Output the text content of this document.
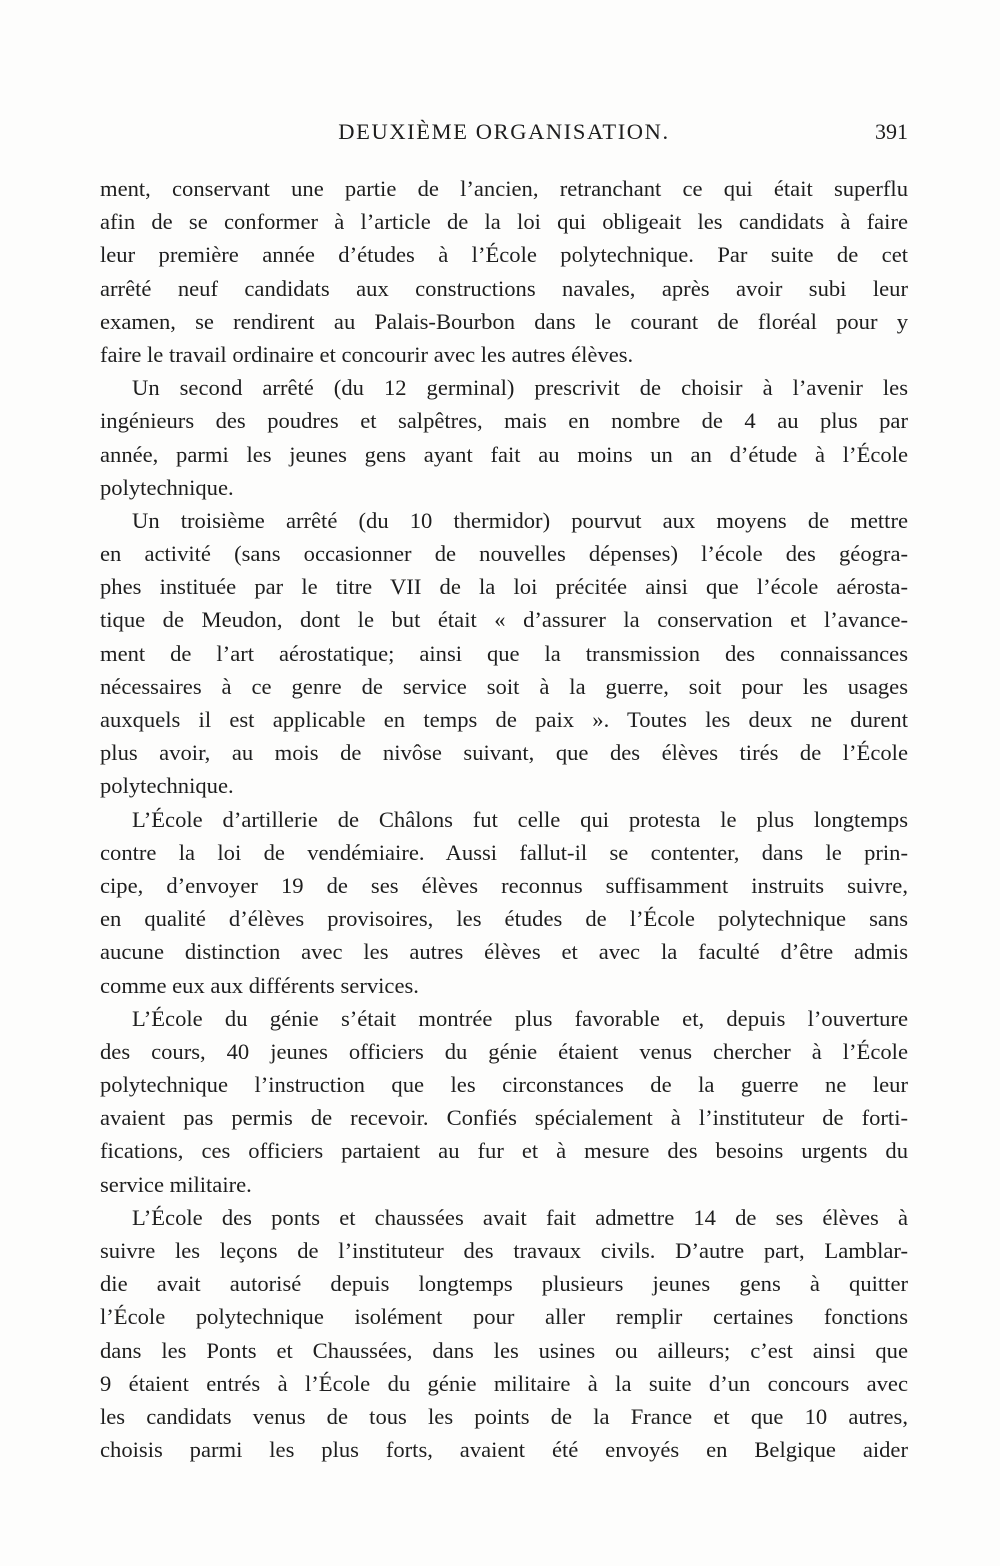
DEUXIÈME ORGANISATION.	391
ment, conservant une partie de l’ancien, retranchant ce qui était superflu
afin de se conformer à l’article de la loi qui obligeait les candidats à faire
leur première année d’études à l’École polytechnique. Par suite de cet
arrêté neuf candidats aux constructions navales, après avoir subi leur
examen, se rendirent au Palais-Bourbon dans le courant de floréal pour y
faire le travail ordinaire et concourir avec les autres élèves.
Un second arrêté (du 12 germinal) prescrivit de choisir à l’avenir les
ingénieurs des poudres et salpêtres, mais en nombre de 4 au plus par
année, parmi les jeunes gens ayant fait au moins un an d’étude à l’École
polytechnique.
Un troisième arrêté (du 10 thermidor) pourvut aux moyens de mettre
en activité (sans occasionner de nouvelles dépenses) l’école des géogra-
phes instituée par le titre VII de la loi précitée ainsi que l’école aérosta-
tique de Meudon, dont le but était « d’assurer la conservation et l’avance-
ment de l’art aérostatique; ainsi que la transmission des connaissances
nécessaires à ce genre de service soit à la guerre, soit pour les usages
auxquels il est applicable en temps de paix ». Toutes les deux ne durent
plus avoir, au mois de nivôse suivant, que des élèves tirés de l’École
polytechnique.
L’École d’artillerie de Châlons fut celle qui protesta le plus longtemps
contre la loi de vendémiaire. Aussi fallut-il se contenter, dans le prin-
cipe, d’envoyer 19 de ses élèves reconnus suffisamment instruits suivre,
en qualité d’élèves provisoires, les études de l’École polytechnique sans
aucune distinction avec les autres élèves et avec la faculté d’être admis
comme eux aux différents services.
L’École du génie s’était montrée plus favorable et, depuis l’ouverture
des cours, 40 jeunes officiers du génie étaient venus chercher à l’École
polytechnique l’instruction que les circonstances de la guerre ne leur
avaient pas permis de recevoir. Confiés spécialement à l’instituteur de forti-
fications, ces officiers partaient au fur et à mesure des besoins urgents du
service militaire.
L’École des ponts et chaussées avait fait admettre 14 de ses élèves à
suivre les leçons de l’instituteur des travaux civils. D’autre part, Lamblar-
die avait autorisé depuis longtemps plusieurs jeunes gens à quitter
l’École polytechnique isolément pour aller remplir certaines fonctions
dans les Ponts et Chaussées, dans les usines ou ailleurs; c’est ainsi que
9 étaient entrés à l’École du génie militaire à la suite d’un concours avec
les candidats venus de tous les points de la France et que 10 autres,
choisis parmi les plus forts, avaient été envoyés en Belgique aider
